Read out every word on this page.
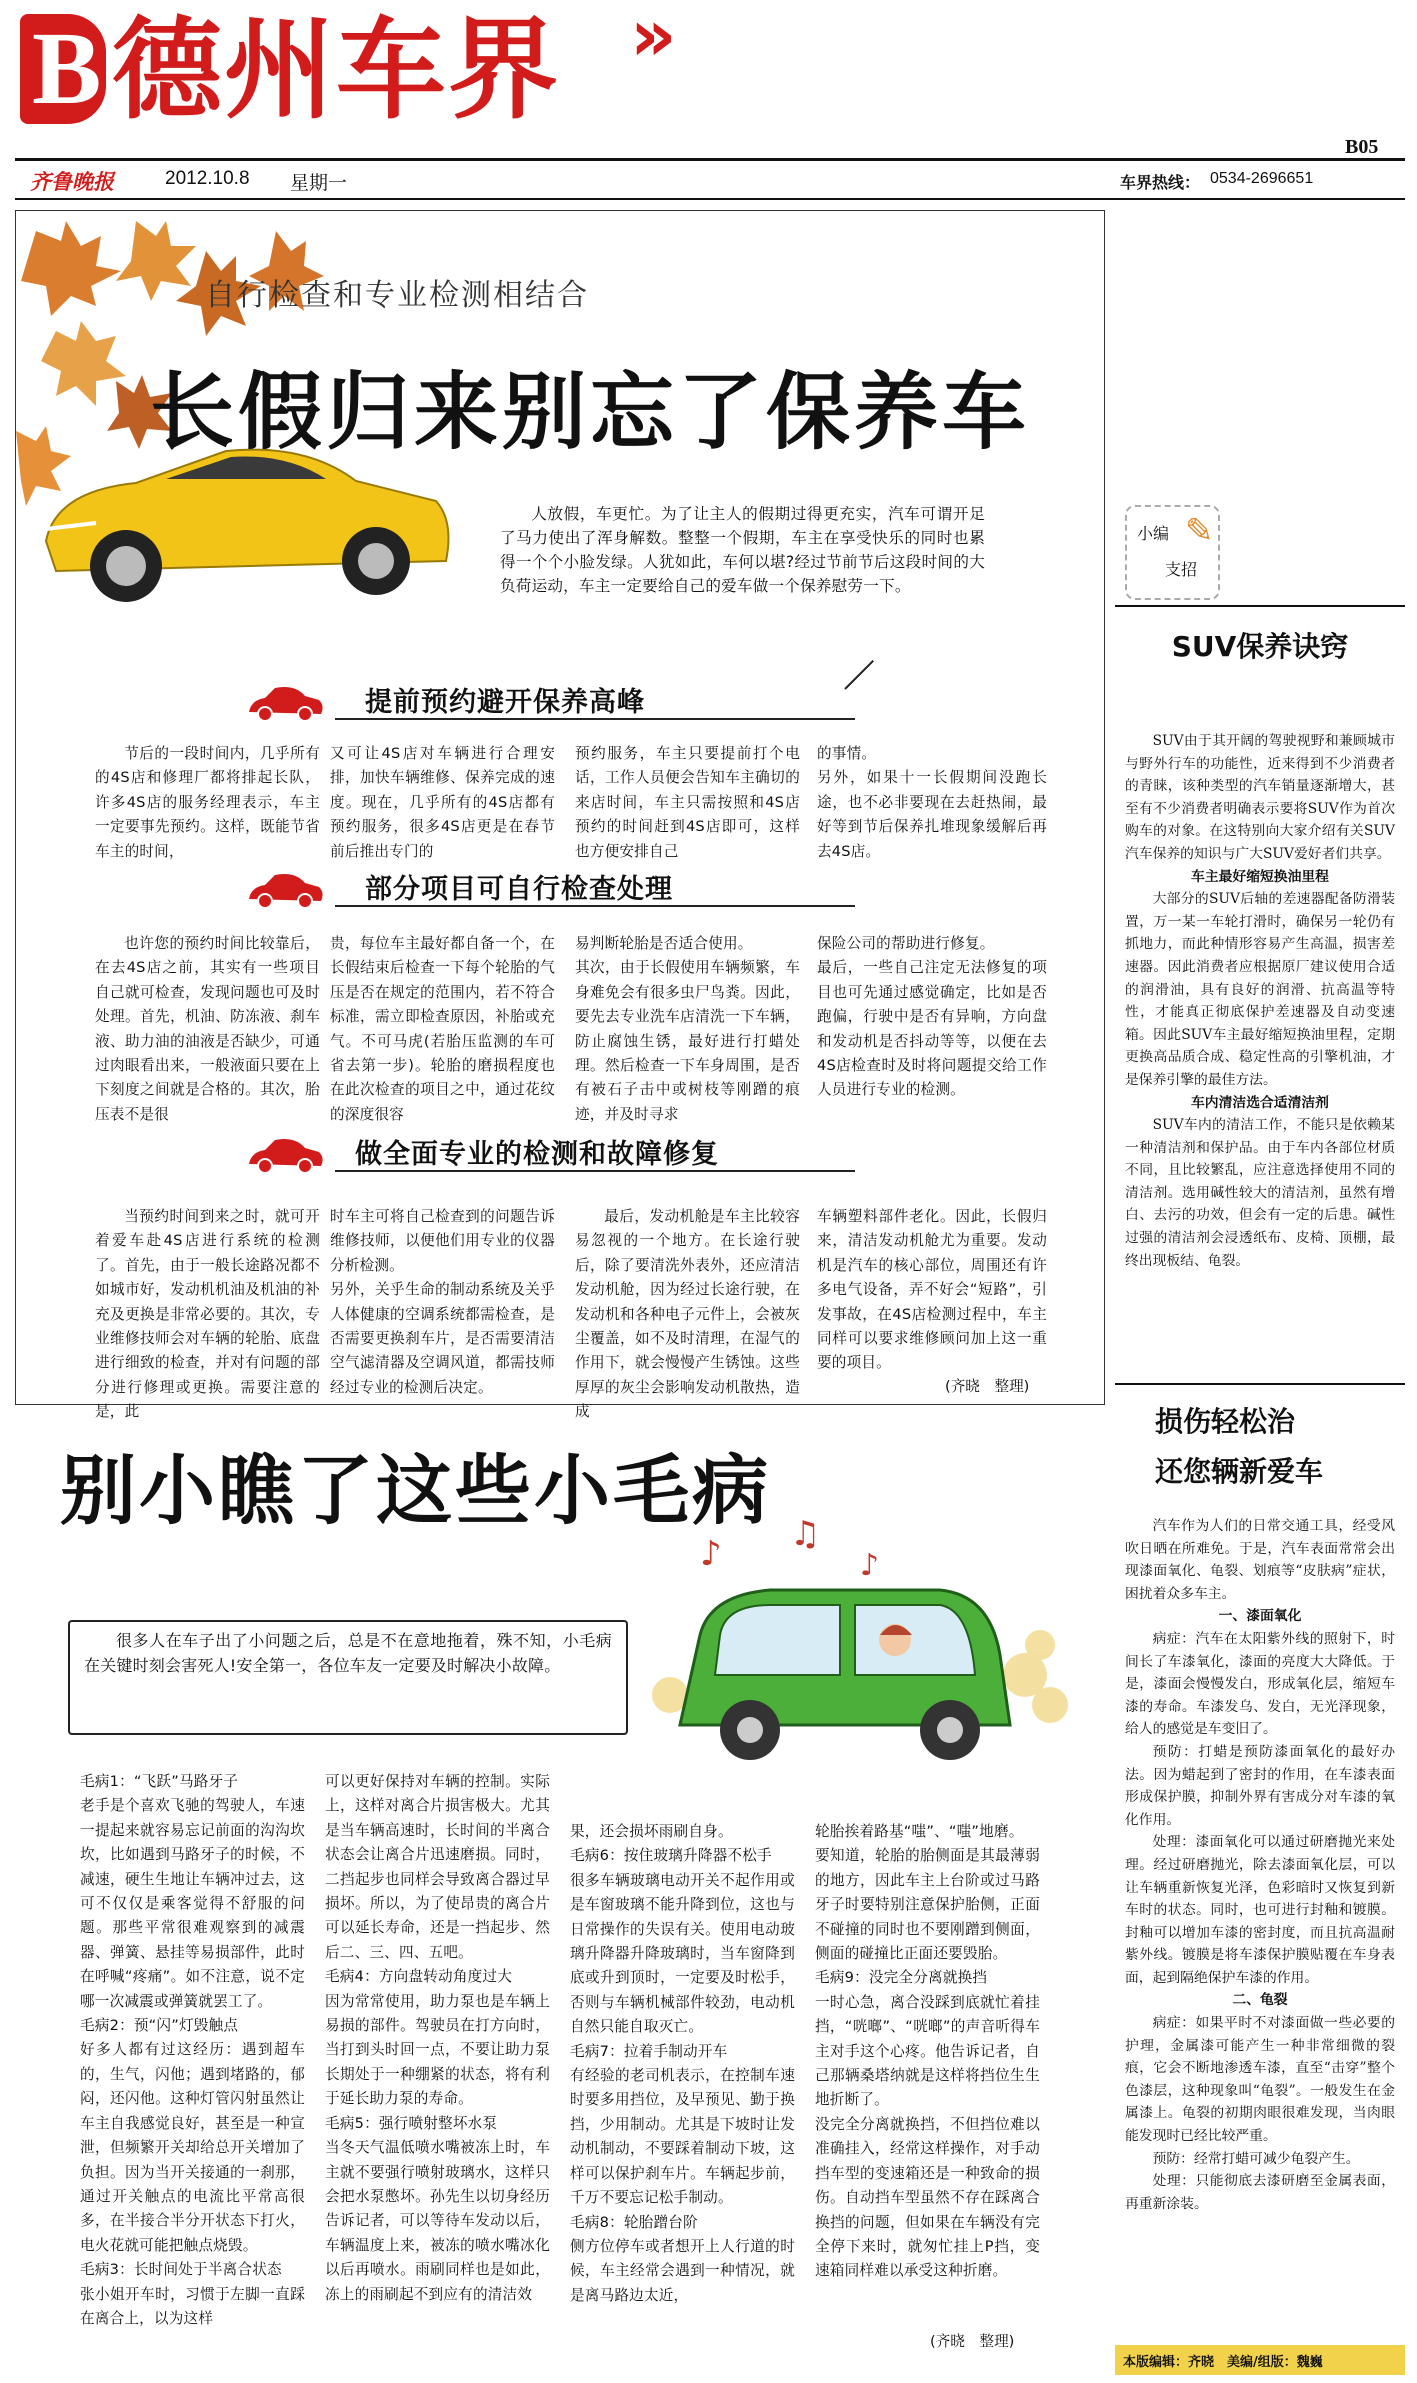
B 德州车界 »
B05
齐鲁晚报	2012.10.8 星期一	车界热线： 0534-2696651
自行检查和专业检测相结合
长假归来别忘了保养车
人放假，车更忙。为了让主人的假期过得更充实，汽车可谓开足了马力使出了浑身解数。整整一个假期，车主在享受快乐的同时也累得一个个小脸发绿。人犹如此，车何以堪?经过节前节后这段时间的大负荷运动，车主一定要给自己的爱车做一个保养慰劳一下。
提前预约避开保养高峰
节后的一段时间内，几乎所有的4S店和修理厂都将排起长队，许多4S店的服务经理表示，车主一定要事先预约。这样，既能节省车主的时间，
又可让4S店对车辆进行合理安排，加快车辆维修、保养完成的速度。现在，几乎所有的4S店都有预约服务，很多4S店更是在春节前后推出专门的
预约服务，车主只要提前打个电话，工作人员便会告知车主确切的来店时间，车主只需按照和4S店预约的时间赶到4S店即可，这样也方便安排自己
的事情。
另外，如果十一长假期间没跑长途，也不必非要现在去赶热闹，最好等到节后保养扎堆现象缓解后再去4S店。
部分项目可自行检查处理
也许您的预约时间比较靠后，在去4S店之前，其实有一些项目自己就可检查，发现问题也可及时处理。首先，机油、防冻液、刹车液、助力油的油液是否缺少，可通过肉眼看出来，一般液面只要在上下刻度之间就是合格的。其次，胎压表不是很
贵，每位车主最好都自备一个，在长假结束后检查一下每个轮胎的气压是否在规定的范围内，若不符合标准，需立即检查原因，补胎或充气。不可马虎(若胎压监测的车可省去第一步)。轮胎的磨损程度也在此次检查的项目之中，通过花纹的深度很容
易判断轮胎是否适合使用。
其次，由于长假使用车辆频繁，车身难免会有很多虫尸鸟粪。因此，要先去专业洗车店清洗一下车辆，防止腐蚀生锈，最好进行打蜡处理。然后检查一下车身周围，是否有被石子击中或树枝等刚蹭的痕迹，并及时寻求
保险公司的帮助进行修复。
最后，一些自己注定无法修复的项目也可先通过感觉确定，比如是否跑偏，行驶中是否有异响，方向盘和发动机是否抖动等等，以便在去4S店检查时及时将问题提交给工作人员进行专业的检测。
做全面专业的检测和故障修复
当预约时间到来之时，就可开着爱车赴4S店进行系统的检测了。首先，由于一般长途路况都不如城市好，发动机机油及机油的补充及更换是非常必要的。其次，专业维修技师会对车辆的轮胎、底盘进行细致的检查，并对有问题的部分进行修理或更换。需要注意的是，此
时车主可将自己检查到的问题告诉维修技师，以便他们用专业的仪器分析检测。
另外，关乎生命的制动系统及关乎人体健康的空调系统都需检查，是否需要更换刹车片，是否需要清洁空气滤清器及空调风道，都需技师经过专业的检测后决定。
最后，发动机舱是车主比较容易忽视的一个地方。在长途行驶后，除了要清洗外表外，还应清洁发动机舱，因为经过长途行驶，在发动机和各种电子元件上，会被灰尘覆盖，如不及时清理，在湿气的作用下，就会慢慢产生锈蚀。这些厚厚的灰尘会影响发动机散热，造成
车辆塑料部件老化。因此，长假归来，清洁发动机舱尤为重要。发动机是汽车的核心部位，周围还有许多电气设备，弄不好会“短路”，引发事故，在4S店检测过程中，车主同样可以要求维修顾问加上这一重要的项目。
(齐晓　整理)
别小瞧了这些小毛病
♪ ♫
♪
很多人在车子出了小问题之后，总是不在意地拖着，殊不知，小毛病在关键时刻会害死人!安全第一，各位车友一定要及时解决小故障。
毛病1：“飞跃”马路牙子
老手是个喜欢飞驰的驾驶人，车速一提起来就容易忘记前面的沟沟坎坎，比如遇到马路牙子的时候，不减速，硬生生地让车辆冲过去，这可不仅仅是乘客觉得不舒服的问题。那些平常很难观察到的减震器、弹簧、悬挂等易损部件，此时在呼喊“疼痛”。如不注意，说不定哪一次减震或弹簧就罢工了。
毛病2：预“闪”灯毁触点
好多人都有过这经历：遇到超车的，生气，闪他；遇到堵路的，郁闷，还闪他。这种灯管闪射虽然让车主自我感觉良好，甚至是一种宣泄，但频繁开关却给总开关增加了负担。因为当开关接通的一刹那，通过开关触点的电流比平常高很多，在半接合半分开状态下打火，电火花就可能把触点烧毁。
毛病3：长时间处于半离合状态
张小姐开车时，习惯于左脚一直踩在离合上，以为这样
可以更好保持对车辆的控制。实际上，这样对离合片损害极大。尤其是当车辆高速时，长时间的半离合状态会让离合片迅速磨损。同时，二挡起步也同样会导致离合器过早损坏。所以，为了使昂贵的离合片可以延长寿命，还是一挡起步、然后二、三、四、五吧。
毛病4：方向盘转动角度过大
因为常常使用，助力泵也是车辆上易损的部件。驾驶员在打方向时，当打到头时回一点，不要让助力泵长期处于一种绷紧的状态，将有利于延长助力泵的寿命。
毛病5：强行喷射整坏水泵
当冬天气温低喷水嘴被冻上时，车主就不要强行喷射玻璃水，这样只会把水泵憋坏。孙先生以切身经历告诉记者，可以等待车发动以后，车辆温度上来，被冻的喷水嘴冰化以后再喷水。雨刷同样也是如此，冻上的雨刷起不到应有的清洁效
果，还会损坏雨刷自身。
毛病6：按住玻璃升降器不松手
很多车辆玻璃电动开关不起作用或是车窗玻璃不能升降到位，这也与日常操作的失误有关。使用电动玻璃升降器升降玻璃时，当车窗降到底或升到顶时，一定要及时松手，否则与车辆机械部件较劲，电动机自然只能自取灭亡。
毛病7：拉着手制动开车
有经验的老司机表示，在控制车速时要多用挡位，及早预见、勤于换挡，少用制动。尤其是下坡时让发动机制动，不要踩着制动下坡，这样可以保护刹车片。车辆起步前，千万不要忘记松手制动。
毛病8：轮胎蹭台阶
侧方位停车或者想开上人行道的时候，车主经常会遇到一种情况，就是离马路边太近，
轮胎挨着路基“嗤”、“嗤”地磨。
要知道，轮胎的胎侧面是其最薄弱的地方，因此车主上台阶或过马路牙子时要特别注意保护胎侧，正面不碰撞的同时也不要刚蹭到侧面，侧面的碰撞比正面还要毁胎。
毛病9：没完全分离就换挡
一时心急，离合没踩到底就忙着挂挡，“咣啷”、“咣啷”的声音听得车主对手这个心疼。他告诉记者，自己那辆桑塔纳就是这样将挡位生生地折断了。
没完全分离就换挡，不但挡位难以准确挂入，经常这样操作，对手动挡车型的变速箱还是一种致命的损伤。自动挡车型虽然不存在踩离合换挡的问题，但如果在车辆没有完全停下来时，就匆忙挂上P挡，变速箱同样难以承受这种折磨。
(齐晓　整理)
小编
支招
✎
SUV保养诀窍

SUV由于其开阔的驾驶视野和兼顾城市与野外行车的功能性，近来得到不少消费者的青睐，该种类型的汽车销量逐渐增大，甚至有不少消费者明确表示要将SUV作为首次购车的对象。在这特别向大家介绍有关SUV汽车保养的知识与广大SUV爱好者们共享。

车主最好缩短换油里程

大部分的SUV后轴的差速器配备防滑装置，万一某一车轮打滑时，确保另一轮仍有抓地力，而此种情形容易产生高温，损害差速器。因此消费者应根据原厂建议使用合适的润滑油，具有良好的润滑、抗高温等特性，才能真正彻底保护差速器及自动变速箱。因此SUV车主最好缩短换油里程，定期更换高品质合成、稳定性高的引擎机油，才是保养引擎的最佳方法。

车内清洁选合适清洁剂

SUV车内的清洁工作，不能只是依赖某一种清洁剂和保护品。由于车内各部位材质不同，且比较繁乱，应注意选择使用不同的清洁剂。选用碱性较大的清洁剂，虽然有增白、去污的功效，但会有一定的后患。碱性过强的清洁剂会浸透纸布、皮椅、顶棚，最终出现板结、龟裂。

损伤轻松治
还您辆新爱车

汽车作为人们的日常交通工具，经受风吹日晒在所难免。于是，汽车表面常常会出现漆面氧化、龟裂、划痕等“皮肤病”症状，困扰着众多车主。

一、漆面氧化

病症：汽车在太阳紫外线的照射下，时间长了车漆氧化，漆面的亮度大大降低。于是，漆面会慢慢发白，形成氧化层，缩短车漆的寿命。车漆发乌、发白，无光泽现象，给人的感觉是车变旧了。

预防：打蜡是预防漆面氧化的最好办法。因为蜡起到了密封的作用，在车漆表面形成保护膜，抑制外界有害成分对车漆的氧化作用。

处理：漆面氧化可以通过研磨抛光来处理。经过研磨抛光，除去漆面氧化层，可以让车辆重新恢复光泽，色彩暗时又恢复到新车时的状态。同时，也可进行封釉和镀膜。封釉可以增加车漆的密封度，而且抗高温耐紫外线。镀膜是将车漆保护膜贴覆在车身表面，起到隔绝保护车漆的作用。

二、龟裂

病症：如果平时不对漆面做一些必要的护理，金属漆可能产生一种非常细微的裂痕，它会不断地渗透车漆，直至“击穿”整个色漆层，这种现象叫“龟裂”。一般发生在金属漆上。龟裂的初期肉眼很难发现，当肉眼能发现时已经比较严重。

预防：经常打蜡可减少龟裂产生。

处理：只能彻底去漆研磨至金属表面，再重新涂装。

本版编辑：齐晓　美编/组版：魏巍
